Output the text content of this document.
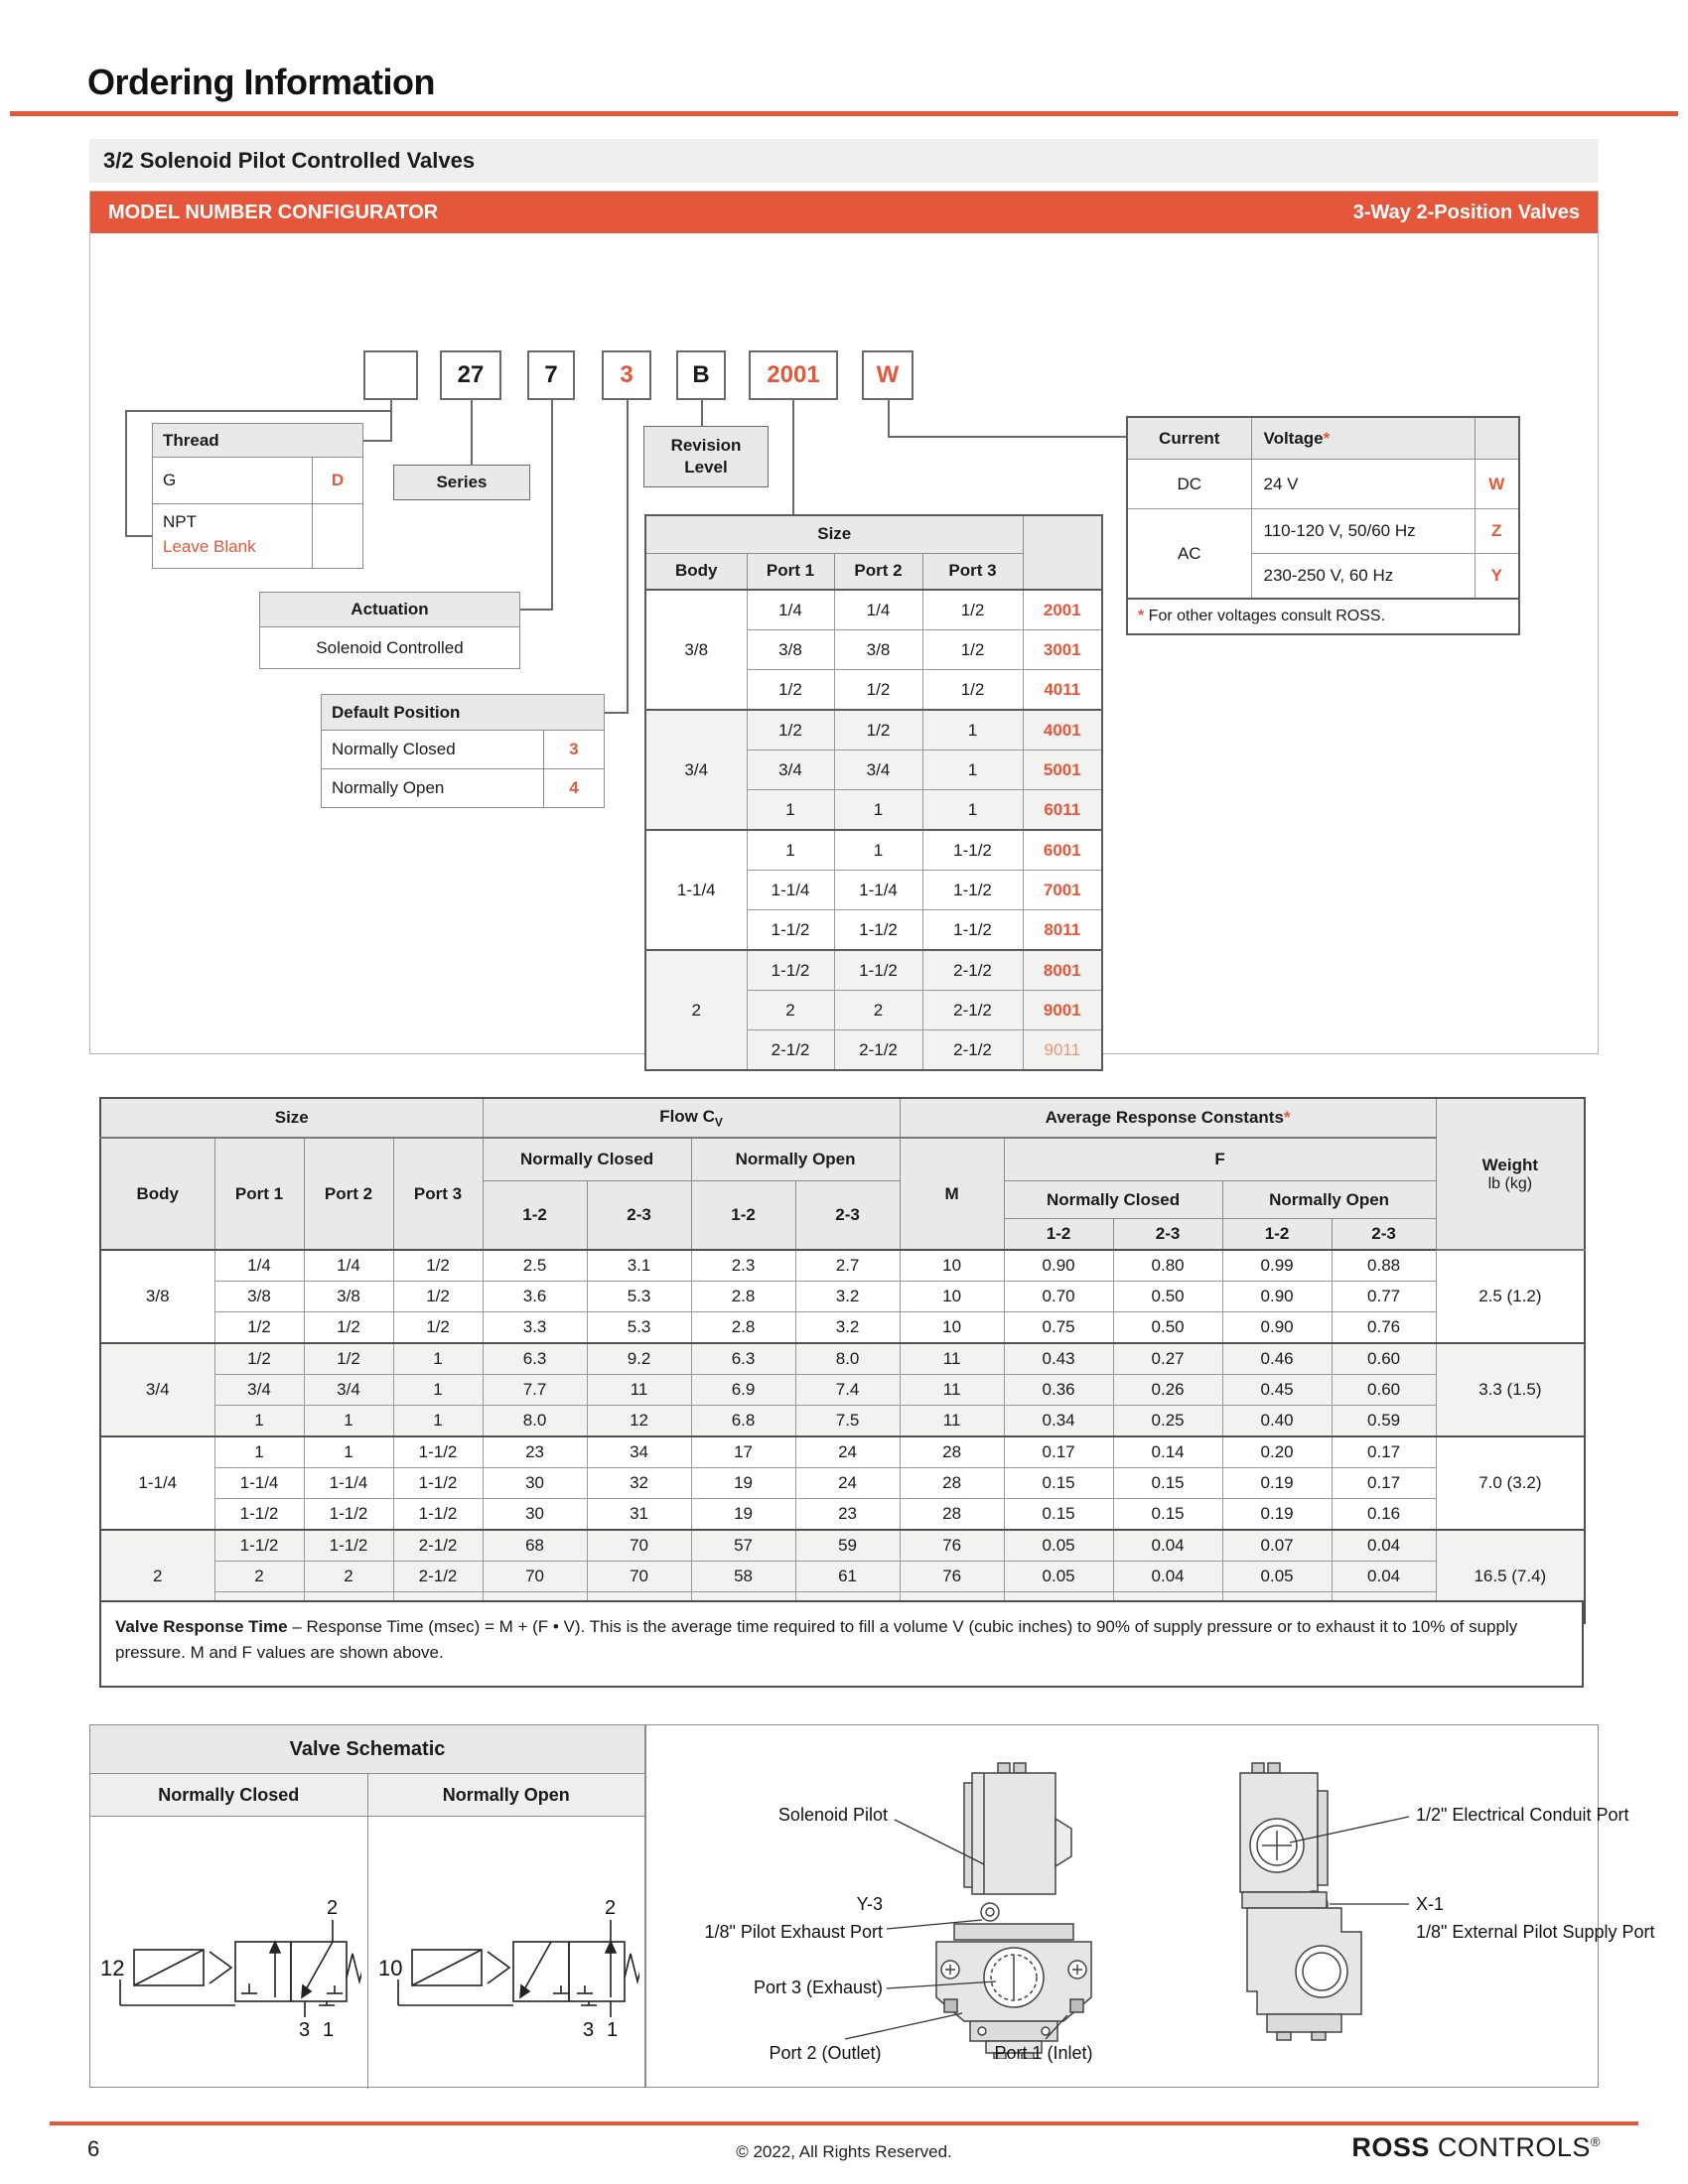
Ordering Information
3/2 Solenoid Pilot Controlled Valves
MODEL NUMBER CONFIGURATOR	3-Way 2-Position Valves
27	7	3	B	2001	W
Thread
G	D
NPT
Leave Blank
Series
Revision
Level
Actuation
Solenoid Controlled
Default Position
Normally Closed	3
Normally Open	4
Size				
Body	Port 1	Port 2	Port 3	
3/8	1/4	1/4	1/2	2001
	3/8	3/8	1/2	3001
	1/2	1/2	1/2	4011
3/4	1/2	1/2	1	4001
	3/4	3/4	1	5001
	1	1	1	6011
1-1/4	1	1	1-1/2	6001
	1-1/4	1-1/4	1-1/2	7001
	1-1/2	1-1/2	1-1/2	8011
2	1-1/2	1-1/2	2-1/2	8001
	2	2	2-1/2	9001
	2-1/2	2-1/2	2-1/2	9011
Current	Voltage*	
DC	24 V	W
AC	110-120 V, 50/60 Hz	Z
	230-250 V, 60 Hz	Y
* For other voltages consult ROSS.		
Size				Flow $C_V$				Average Response Constants*					Weight
lb (kg)

Body	Port 1	Port 2	Port 3	Normally Closed		Normally Open		M	F				
				1-2	2-3	1-2	2-3		Normally Closed		Normally Open		
									1-2	2-3	1-2	2-3	
3/8	1/4	1/4	1/2	2.5	3.1	2.3	2.7	10	0.90	0.80	0.99	0.88	2.5 (1.2)
	3/8	3/8	1/2	3.6	5.3	2.8	3.2	10	0.70	0.50	0.90	0.77	
	1/2	1/2	1/2	3.3	5.3	2.8	3.2	10	0.75	0.50	0.90	0.76	
3/4	1/2	1/2	1	6.3	9.2	6.3	8.0	11	0.43	0.27	0.46	0.60	3.3 (1.5)
	3/4	3/4	1	7.7	11	6.9	7.4	11	0.36	0.26	0.45	0.60	
	1	1	1	8.0	12	6.8	7.5	11	0.34	0.25	0.40	0.59	
1-1/4	1	1	1-1/2	23	34	17	24	28	0.17	0.14	0.20	0.17	7.0 (3.2)
	1-1/4	1-1/4	1-1/2	30	32	19	24	28	0.15	0.15	0.19	0.17	
	1-1/2	1-1/2	1-1/2	30	31	19	23	28	0.15	0.15	0.19	0.16	
2	1-1/2	1-1/2	2-1/2	68	70	57	59	76	0.05	0.04	0.07	0.04	16.5 (7.4)
	2	2	2-1/2	70	70	58	61	76	0.05	0.04	0.05	0.04	

Valve Response Time – Response Time (msec) = M + (F • V). This is the average time required to fill a volume V (cubic inches) to 90% of supply pressure or to exhaust it to 10% of supply pressure. M and F values are shown above.
Valve Schematic
Normally Closed	Normally Open
12
2
3 1
10
2
3 1
Solenoid Pilot
Y-3
1/8" Pilot Exhaust Port
Port 3 (Exhaust)
Port 2 (Outlet)	Port 1 (Inlet)
1/2" Electrical Conduit Port
X-1
1/8" External Pilot Supply Port
6	© 2022, All Rights Reserved.	ROSS CONTROLS®
